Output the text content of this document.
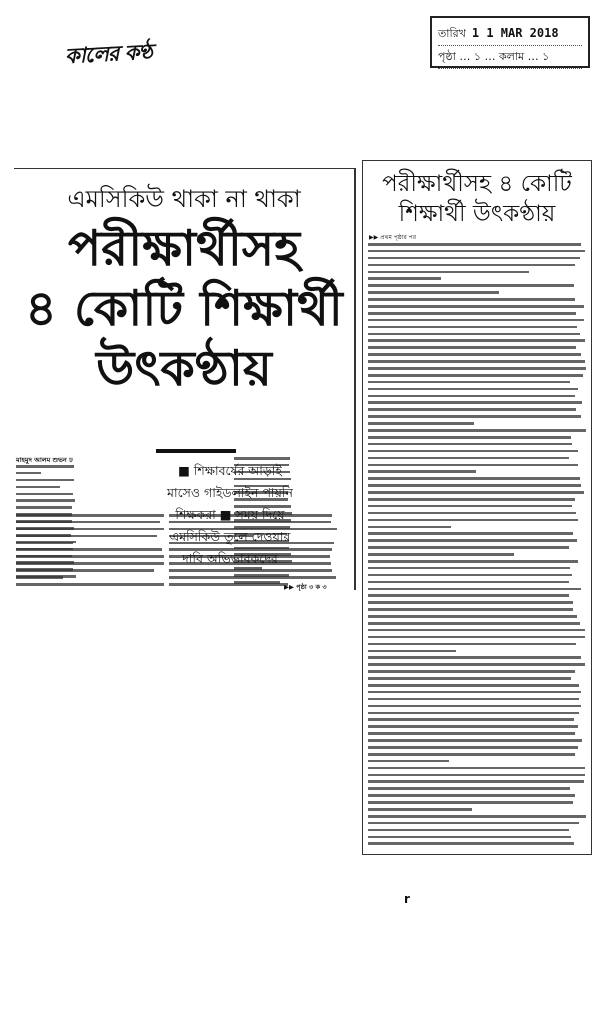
কালের কণ্ঠ
তারিখ 1 1 MAR 2018
পৃষ্ঠা … ১ … কলাম … ১
এমসিকিউ থাকা না থাকা
পরীক্ষার্থীসহ
৪ কোটি শিক্ষার্থী
উৎকণ্ঠায়
মাহমুদ আলম শুভন ঢ
▶▶ পৃষ্ঠা ৩ ক ৩
■ শিক্ষাবর্ষের আড়াই
মাসেও গাইডলাইন পায়নি
শিক্ষকরা ■ সময় দিয়ে
এমসিকিউ তুলে দেওয়ার
দাবি অভিভাবকদের
পরীক্ষার্থীসহ ৪ কোটি
শিক্ষার্থী উৎকণ্ঠায়
▶▶ প্রথম পৃষ্ঠার পর
r
